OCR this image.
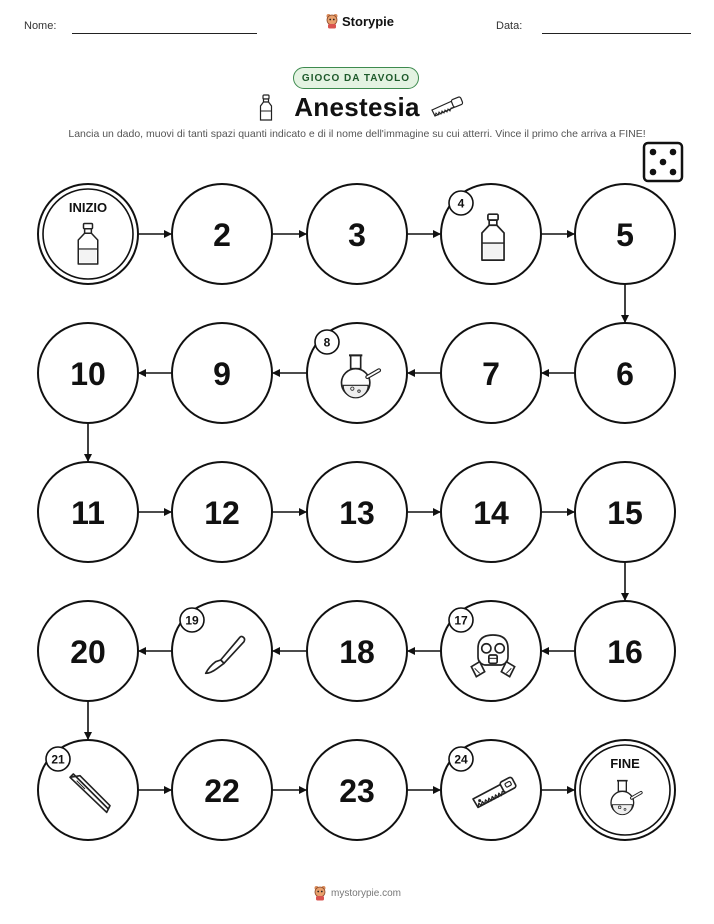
Nome:	Storypie	Data:
GIOCO DA TAVOLO
Anestesia
Lancia un dado, muovi di tanti spazi quanti indicato e di il nome dell'immagine su cui atterri. Vince il primo che arriva a FINE!
INIZIO
2	3
4
5
6
7
8
9
10
11	12	13	14	15
16
17
18
19
20
21
22	23
24	FINE
mystorypie.com
